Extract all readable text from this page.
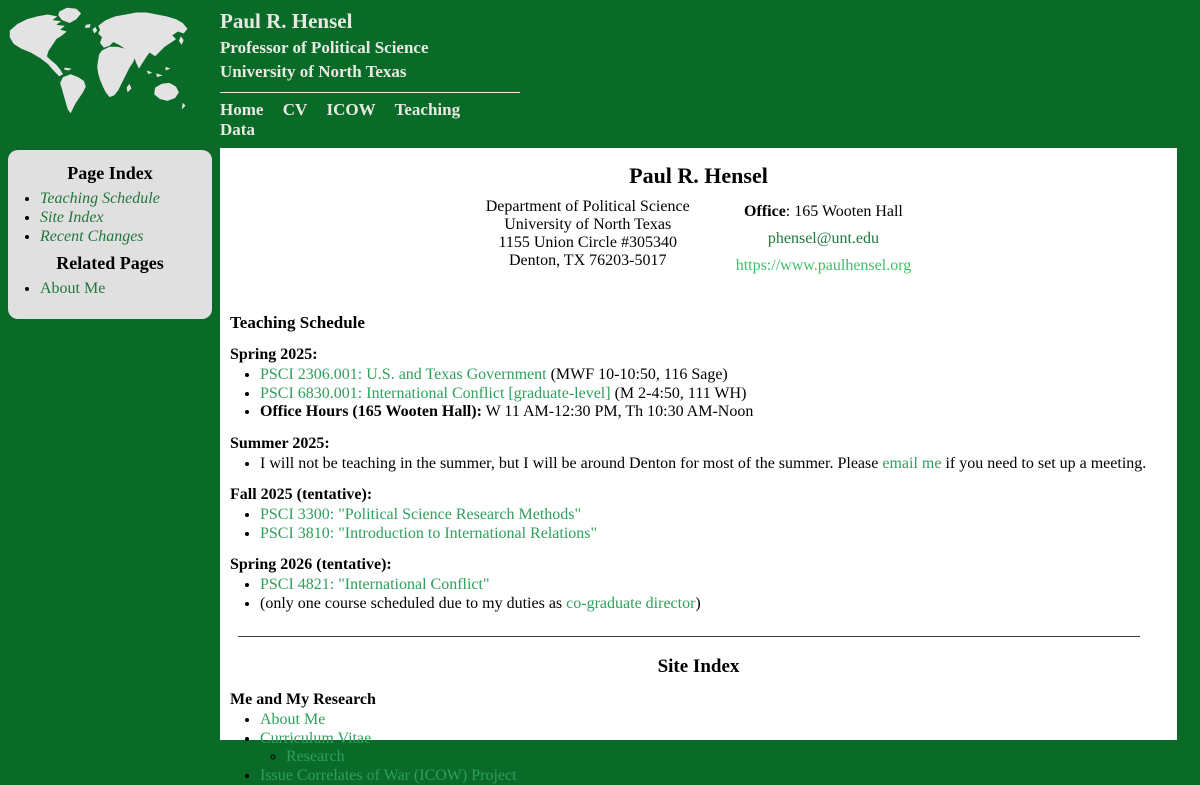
Paul R. Hensel
Professor of Political Science
University of North Texas
Home CV ICOW Teaching Data
Page Index
• Teaching Schedule
• Site Index
• Recent Changes
Related Pages
• About Me
Paul R. Hensel
Department of Political Science
University of North Texas
1155 Union Circle #305340
Denton, TX 76203-5017
Office: 165 Wooten Hall
phensel@unt.edu
https://www.paulhensel.org
Teaching Schedule

Spring 2025:

• PSCI 2306.001: U.S. and Texas Government (MWF 10-10:50, 116 Sage)
• PSCI 6830.001: International Conflict [graduate-level] (M 2-4:50, 111 WH)
• Office Hours (165 Wooten Hall): W 11 AM-12:30 PM, Th 10:30 AM-Noon

Summer 2025:

• I will not be teaching in the summer, but I will be around Denton for most of the summer. Please email me if you need to set up a meeting.

Fall 2025 (tentative):

• PSCI 3300: "Political Science Research Methods"
• PSCI 3810: "Introduction to International Relations"

Spring 2026 (tentative):

• PSCI 4821: "International Conflict"
• (only one course scheduled due to my duties as co-graduate director)
Site Index

Me and My Research

• About Me
• Curriculum Vitae
◦ Research
• Issue Correlates of War (ICOW) Project
